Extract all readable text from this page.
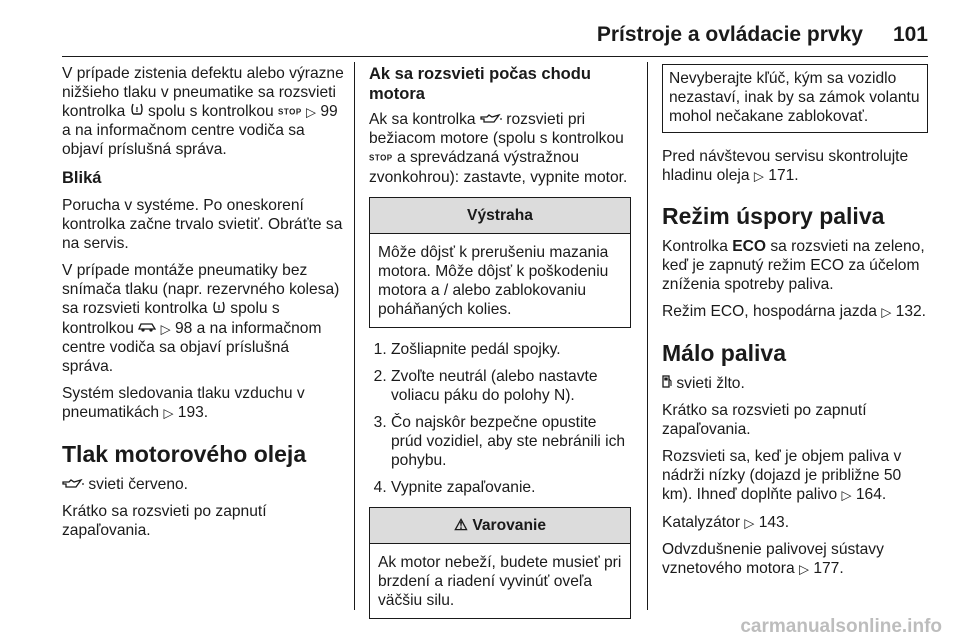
Prístroje a ovládacie prvky 101

V prípade zistenia defektu alebo výrazne nižšieho tlaku v pneumatike sa rozsvieti kontrolka ! spolu s kontrolkou STOP ▷ 99 a na informačnom centre vodiča sa objaví príslušná správa.

Bliká

Porucha v systéme. Po oneskorení kontrolka začne trvalo svietiť. Obráťte sa na servis.

V prípade montáže pneumatiky bez snímača tlaku (napr. rezervného kolesa) sa rozsvieti kontrolka ! spolu s kontrolkou ▷ 98 a na informačnom centre vodiča sa objaví príslušná správa.

Systém sledovania tlaku vzduchu v pneumatikách ▷ 193.

Tlak motorového oleja

svieti červeno.

Krátko sa rozsvieti po zapnutí zapaľovania.

Ak sa rozsvieti počas chodu motora

Ak sa kontrolka rozsvieti pri bežiacom motore (spolu s kontrolkou STOP a sprevádzaná výstražnou zvonkohrou): zastavte, vypnite motor.

Výstraha
Môže dôjsť k prerušeniu mazania motora. Môže dôjsť k poškodeniu motora a / alebo zablokovaniu poháňaných kolies.
1. Zošliapnite pedál spojky.
2. Zvoľte neutrál (alebo nastavte voliacu páku do polohy N).
3. Čo najskôr bezpečne opustite prúd vozidiel, aby ste nebránili ich pohybu.
4. Vypnite zapaľovanie.
⚠ Varovanie
Ak motor nebeží, budete musieť pri brzdení a riadení vyvinúť oveľa väčšiu silu.
Nevyberajte kľúč, kým sa vozidlo nezastaví, inak by sa zámok volantu mohol nečakane zablokovať.

Pred návštevou servisu skontrolujte hladinu oleja ▷ 171.

Režim úspory paliva

Kontrolka ECO sa rozsvieti na zeleno, keď je zapnutý režim ECO za účelom zníženia spotreby paliva.

Režim ECO, hospodárna jazda ▷ 132.

Málo paliva

svieti žlto.

Krátko sa rozsvieti po zapnutí zapaľovania.

Rozsvieti sa, keď je objem paliva v nádrži nízky (dojazd je približne 50 km). Ihneď doplňte palivo ▷ 164.

Katalyzátor ▷ 143.

Odvzdušnenie palivovej sústavy vznetového motora ▷ 177.

carmanualsonline.info
